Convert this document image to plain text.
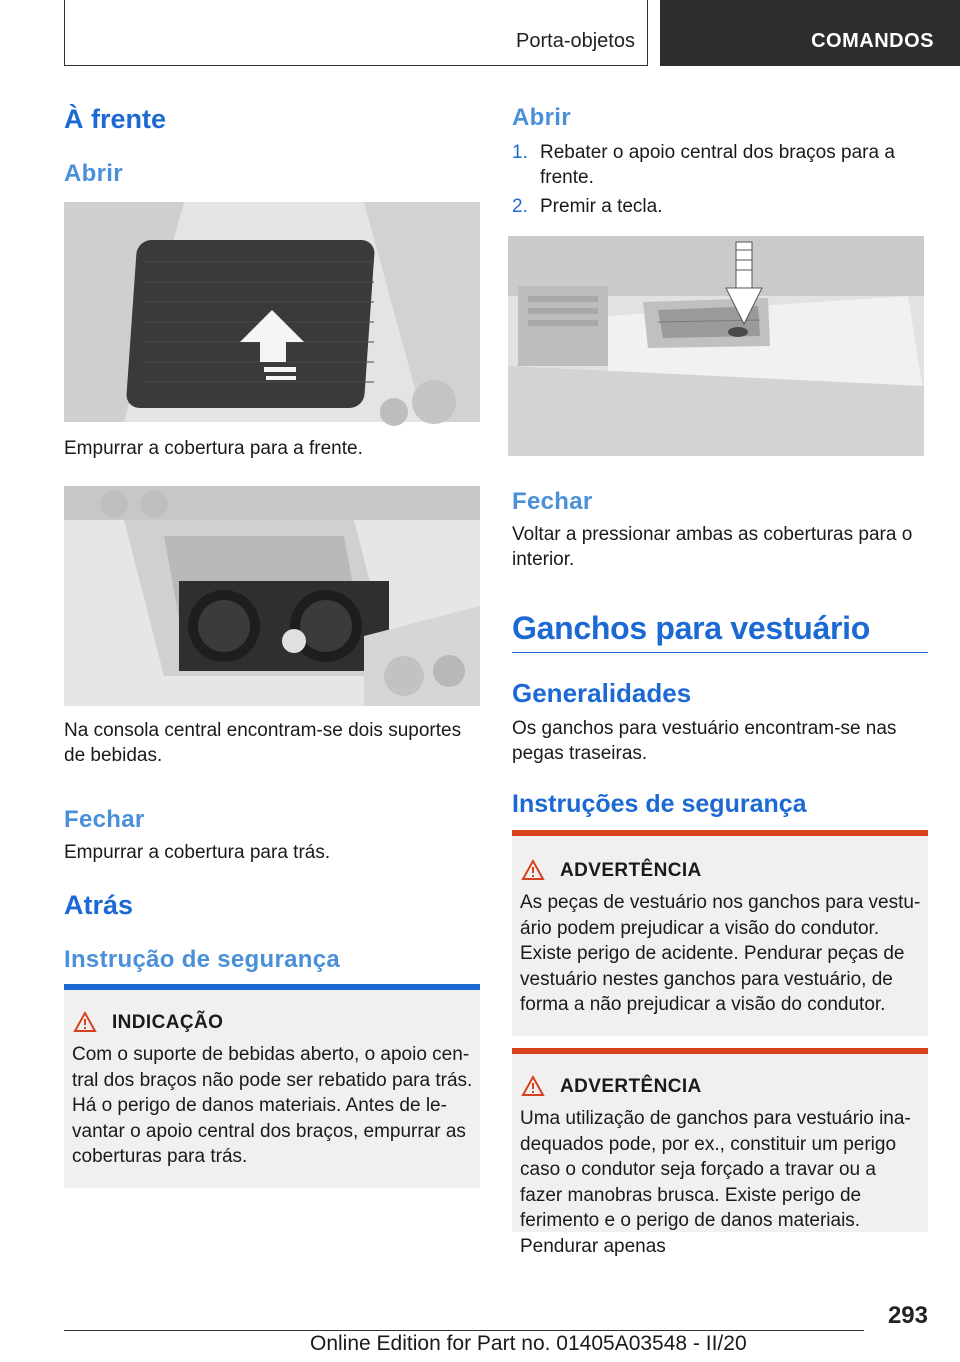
Porta-objetos	COMANDOS
À frente
Abrir
Empurrar a cobertura para a frente.
Na consola central encontram-se dois suportes de bebidas.
Fechar
Empurrar a cobertura para trás.
Atrás
Instrução de segurança
INDICAÇÃO
Com o suporte de bebidas aberto, o apoio cen- tral dos braços não pode ser rebatido para trás. Há o perigo de danos materiais. Antes de le- vantar o apoio central dos braços, empurrar as coberturas para trás.
Abrir
1. Rebater o apoio central dos braços para a frente.
2. Premir a tecla.
Fechar
Voltar a pressionar ambas as coberturas para o interior.
Ganchos para vestuário
Generalidades
Os ganchos para vestuário encontram-se nas pegas traseiras.
Instruções de segurança
ADVERTÊNCIA
As peças de vestuário nos ganchos para vestu- ário podem prejudicar a visão do condutor. Existe perigo de acidente. Pendurar peças de vestuário nestes ganchos para vestuário, de forma a não prejudicar a visão do condutor.
ADVERTÊNCIA
Uma utilização de ganchos para vestuário ina- dequados pode, por ex., constituir um perigo caso o condutor seja forçado a travar ou a fazer manobras brusca. Existe perigo de ferimento e o perigo de danos materiais. Pendurar apenas
293
Online Edition for Part no. 01405A03548 - II/20
